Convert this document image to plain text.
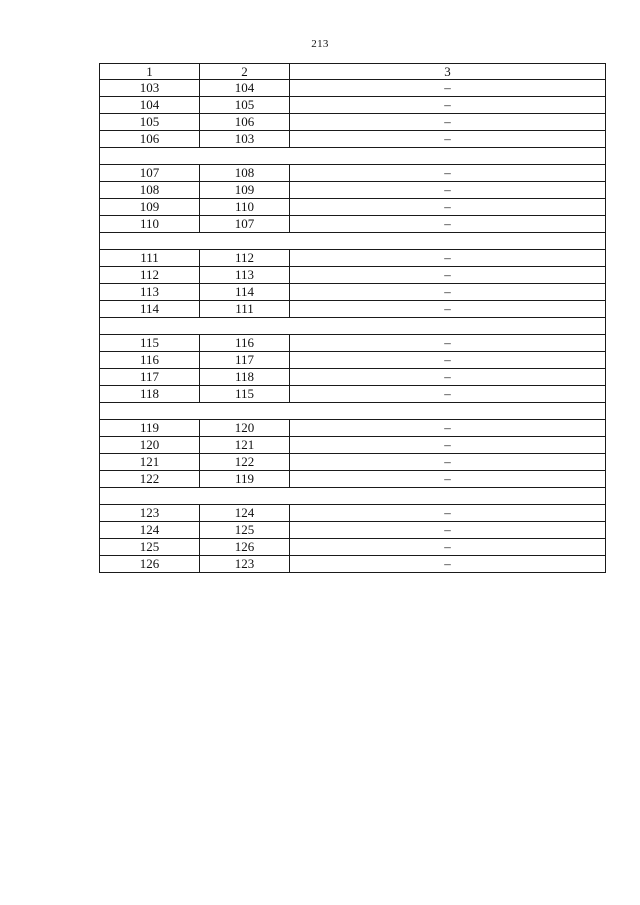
213
1	2	3
103	104	–
104	105	–
105	106	–
106	103	–

107	108	–
108	109	–
109	110	–
110	107	–

111	112	–
112	113	–
113	114	–
114	111	–

115	116	–
116	117	–
117	118	–
118	115	–

119	120	–
120	121	–
121	122	–
122	119	–

123	124	–
124	125	–
125	126	–
126	123	–
